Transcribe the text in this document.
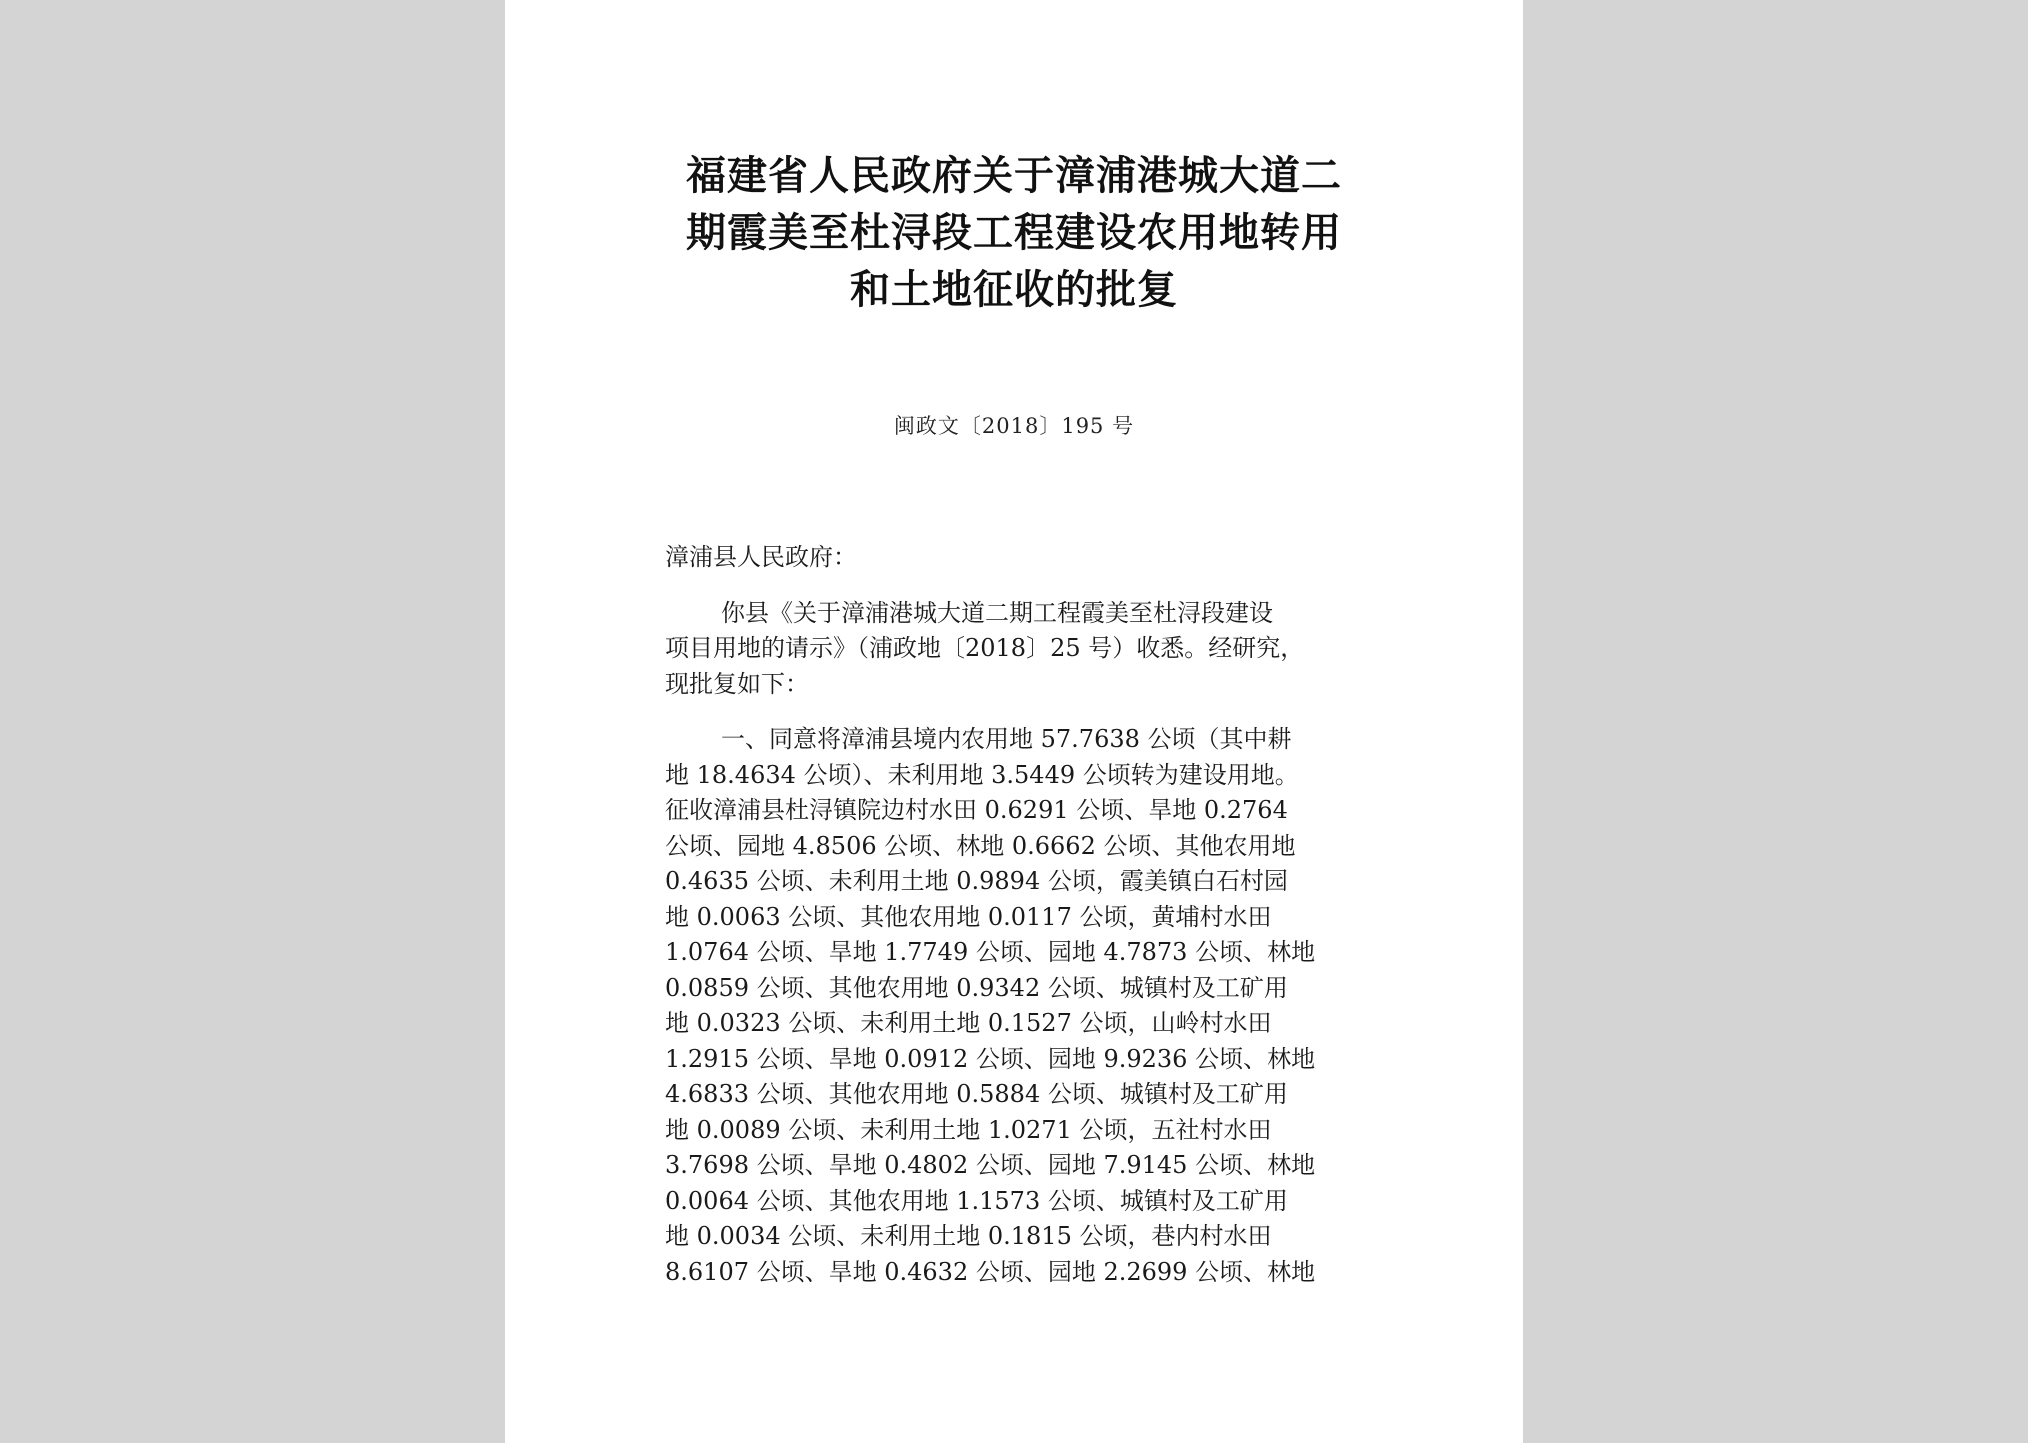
福建省人民政府关于漳浦港城大道二
期霞美至杜浔段工程建设农用地转用
和土地征收的批复
闽政文〔2018〕195 号
漳浦县人民政府：
你县《关于漳浦港城大道二期工程霞美至杜浔段建设
项目用地的请示》（浦政地〔2018〕25 号）收悉。经研究，
现批复如下：
一、同意将漳浦县境内农用地 57.7638 公顷（其中耕
地 18.4634 公顷）、未利用地 3.5449 公顷转为建设用地。
征收漳浦县杜浔镇院边村水田 0.6291 公顷、旱地 0.2764
公顷、园地 4.8506 公顷、林地 0.6662 公顷、其他农用地
0.4635 公顷、未利用土地 0.9894 公顷，霞美镇白石村园
地 0.0063 公顷、其他农用地 0.0117 公顷，黄埔村水田
1.0764 公顷、旱地 1.7749 公顷、园地 4.7873 公顷、林地
0.0859 公顷、其他农用地 0.9342 公顷、城镇村及工矿用
地 0.0323 公顷、未利用土地 0.1527 公顷，山岭村水田
1.2915 公顷、旱地 0.0912 公顷、园地 9.9236 公顷、林地
4.6833 公顷、其他农用地 0.5884 公顷、城镇村及工矿用
地 0.0089 公顷、未利用土地 1.0271 公顷，五社村水田
3.7698 公顷、旱地 0.4802 公顷、园地 7.9145 公顷、林地
0.0064 公顷、其他农用地 1.1573 公顷、城镇村及工矿用
地 0.0034 公顷、未利用土地 0.1815 公顷，巷内村水田
8.6107 公顷、旱地 0.4632 公顷、园地 2.2699 公顷、林地
